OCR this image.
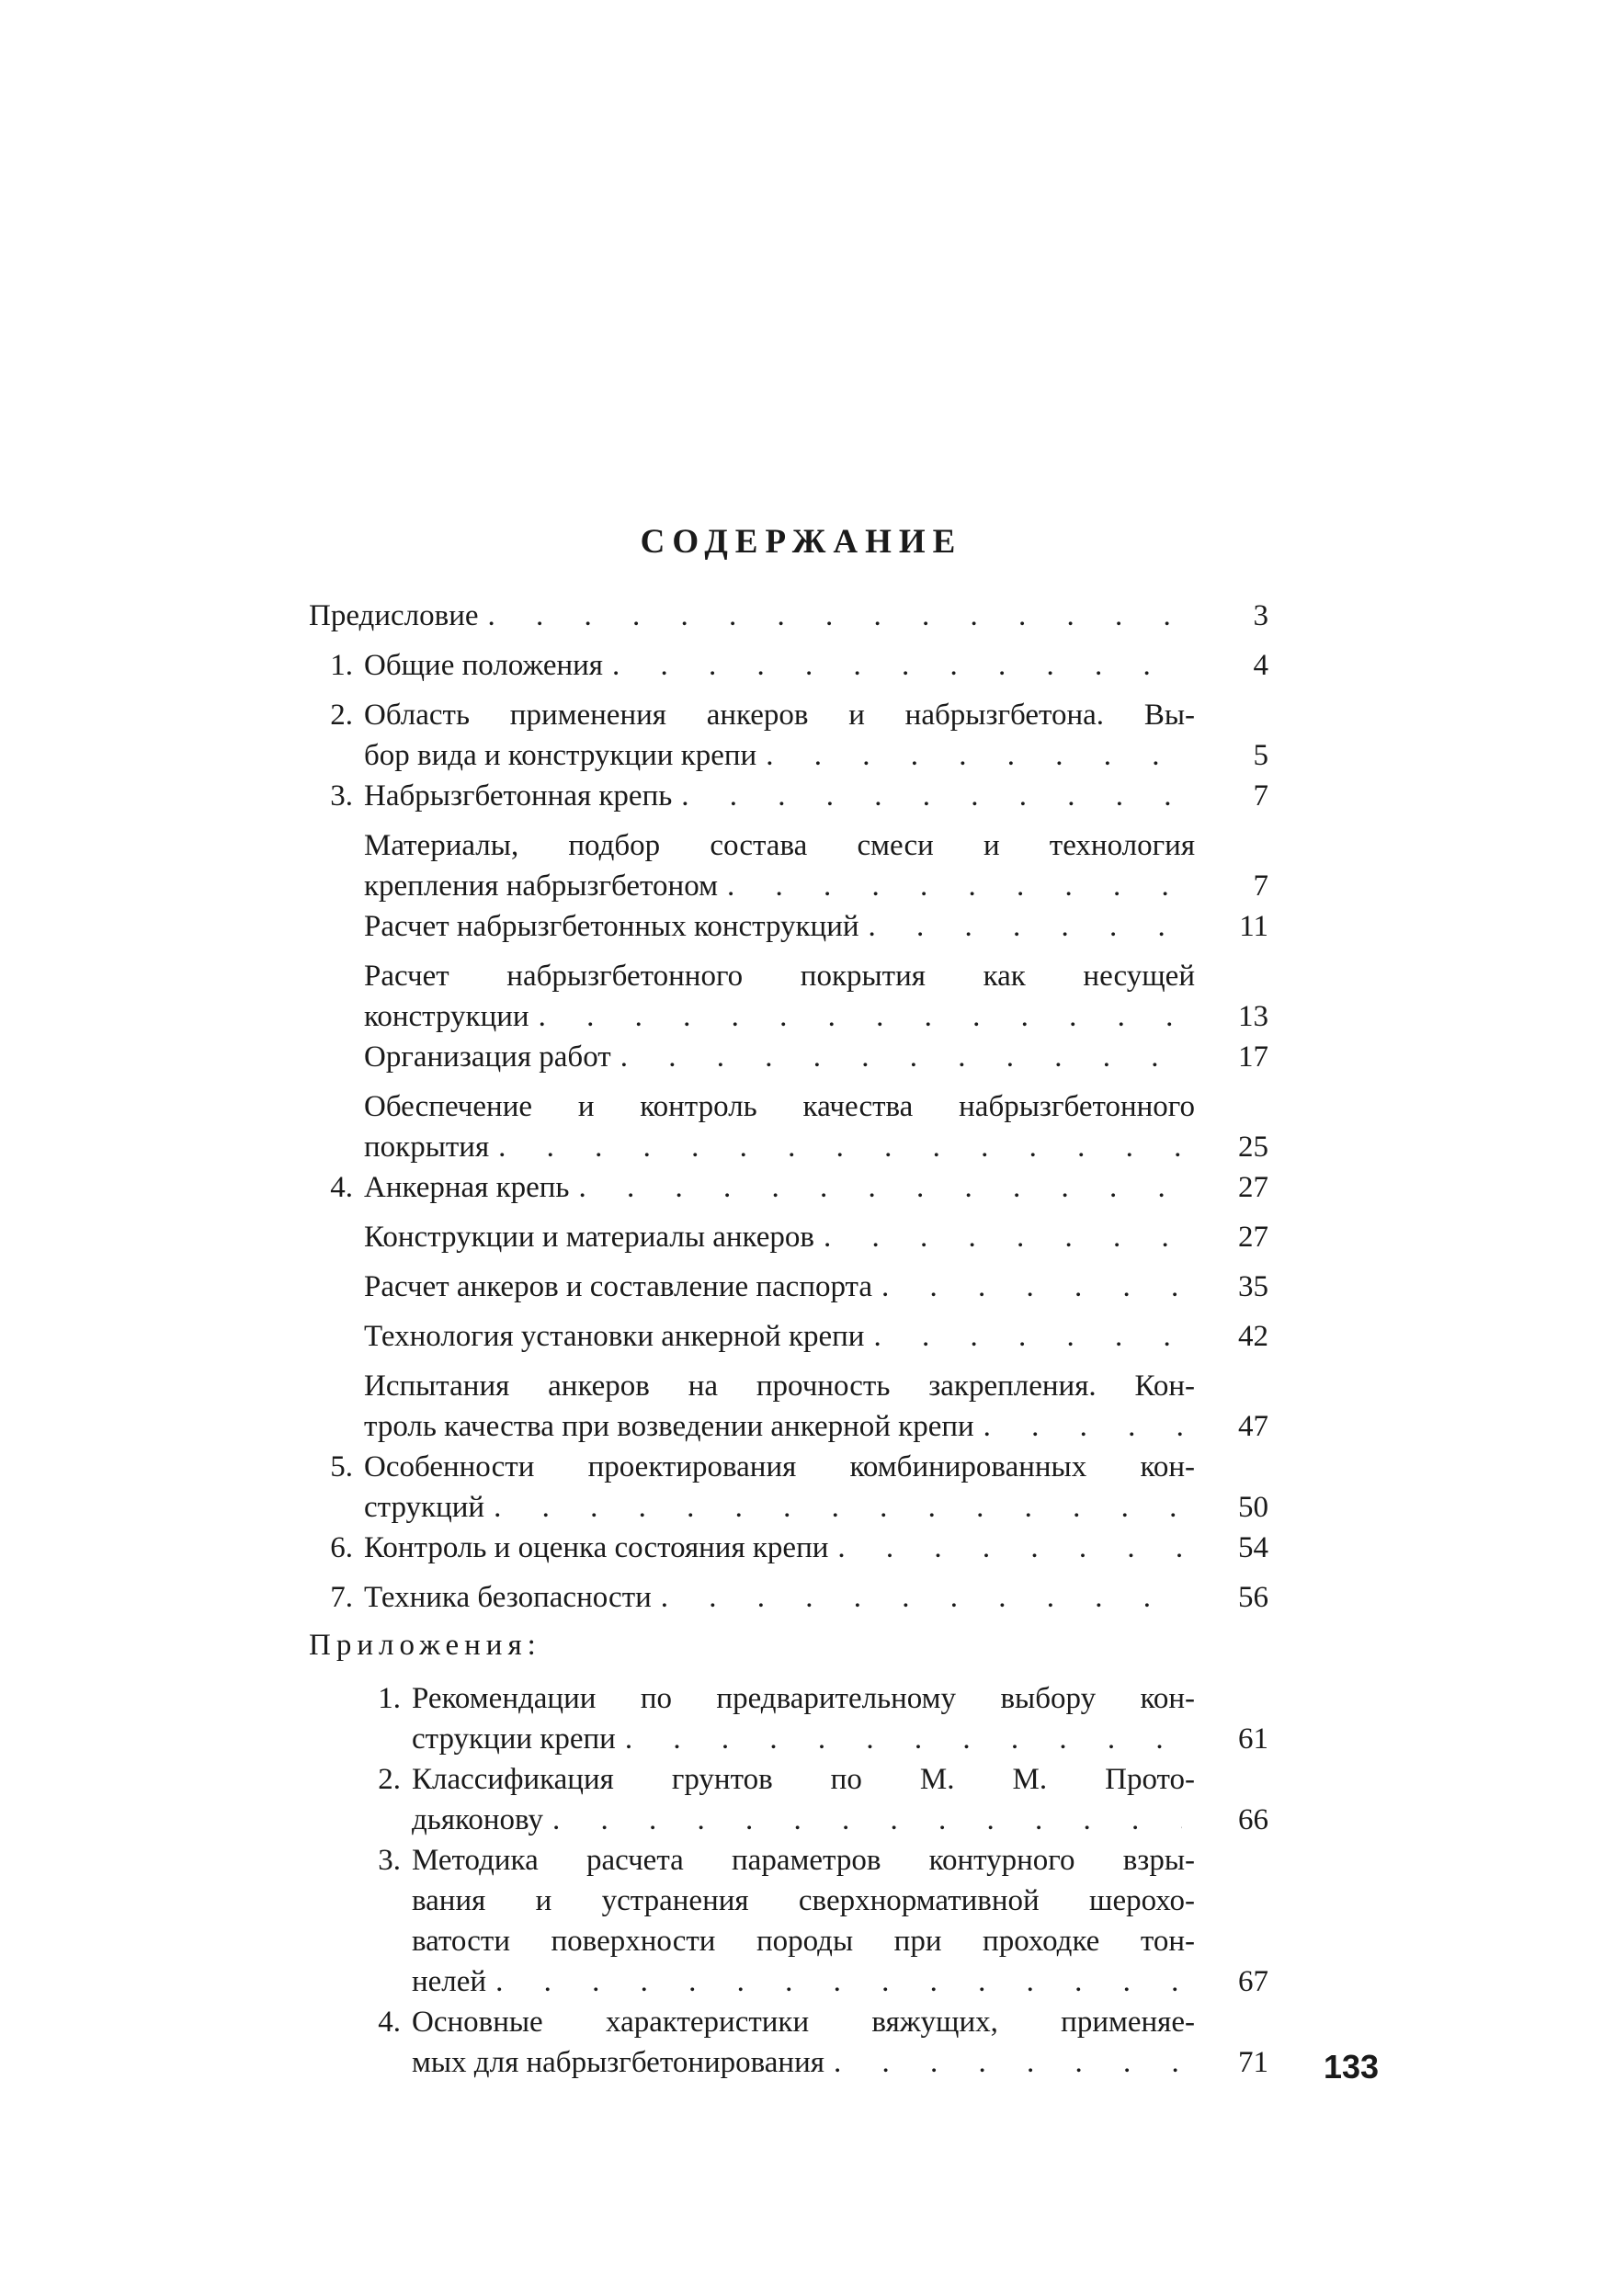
СОДЕРЖАНИЕ
Предисловие . . .	3
1. Общие положения . . .	4
2. Область применения анкеров и набрызгбетона. Вы-
бор вида и конструкции крепи . . .	5
3. Набрызгбетонная крепь . . .	7
Материалы, подбор состава смеси и технология
крепления набрызгбетоном . . .	7
Расчет набрызгбетонных конструкций . . .	11
Расчет набрызгбетонного покрытия как несущей
конструкции . . .	13
Организация работ . . .	17
Обеспечение и контроль качества набрызгбетонного
покрытия . . .	25
4. Анкерная крепь . . .	27
Конструкции и материалы анкеров . . .	27
Расчет анкеров и составление паспорта . . .	35
Технология установки анкерной крепи . . .	42
Испытания анкеров на прочность закрепления. Кон-
троль качества при возведении анкерной крепи . . .	47
5. Особенности проектирования комбинированных кон-
струкций . . .	50
6. Контроль и оценка состояния крепи . . .	54
7. Техника безопасности . . .	56
Приложения:
1. Рекомендации по предварительному выбору кон-
струкции крепи . . .	61
2. Классификация грунтов по М. М. Прото-
дьяконову . . .	66
3. Методика расчета параметров контурного взры-
вания и устранения сверхнормативной шерохо-
ватости поверхности породы при проходке тон-
нелей . . .	67
4. Основные характеристики вяжущих, применяе-
мых для набрызгбетонирования . . .	71 133
